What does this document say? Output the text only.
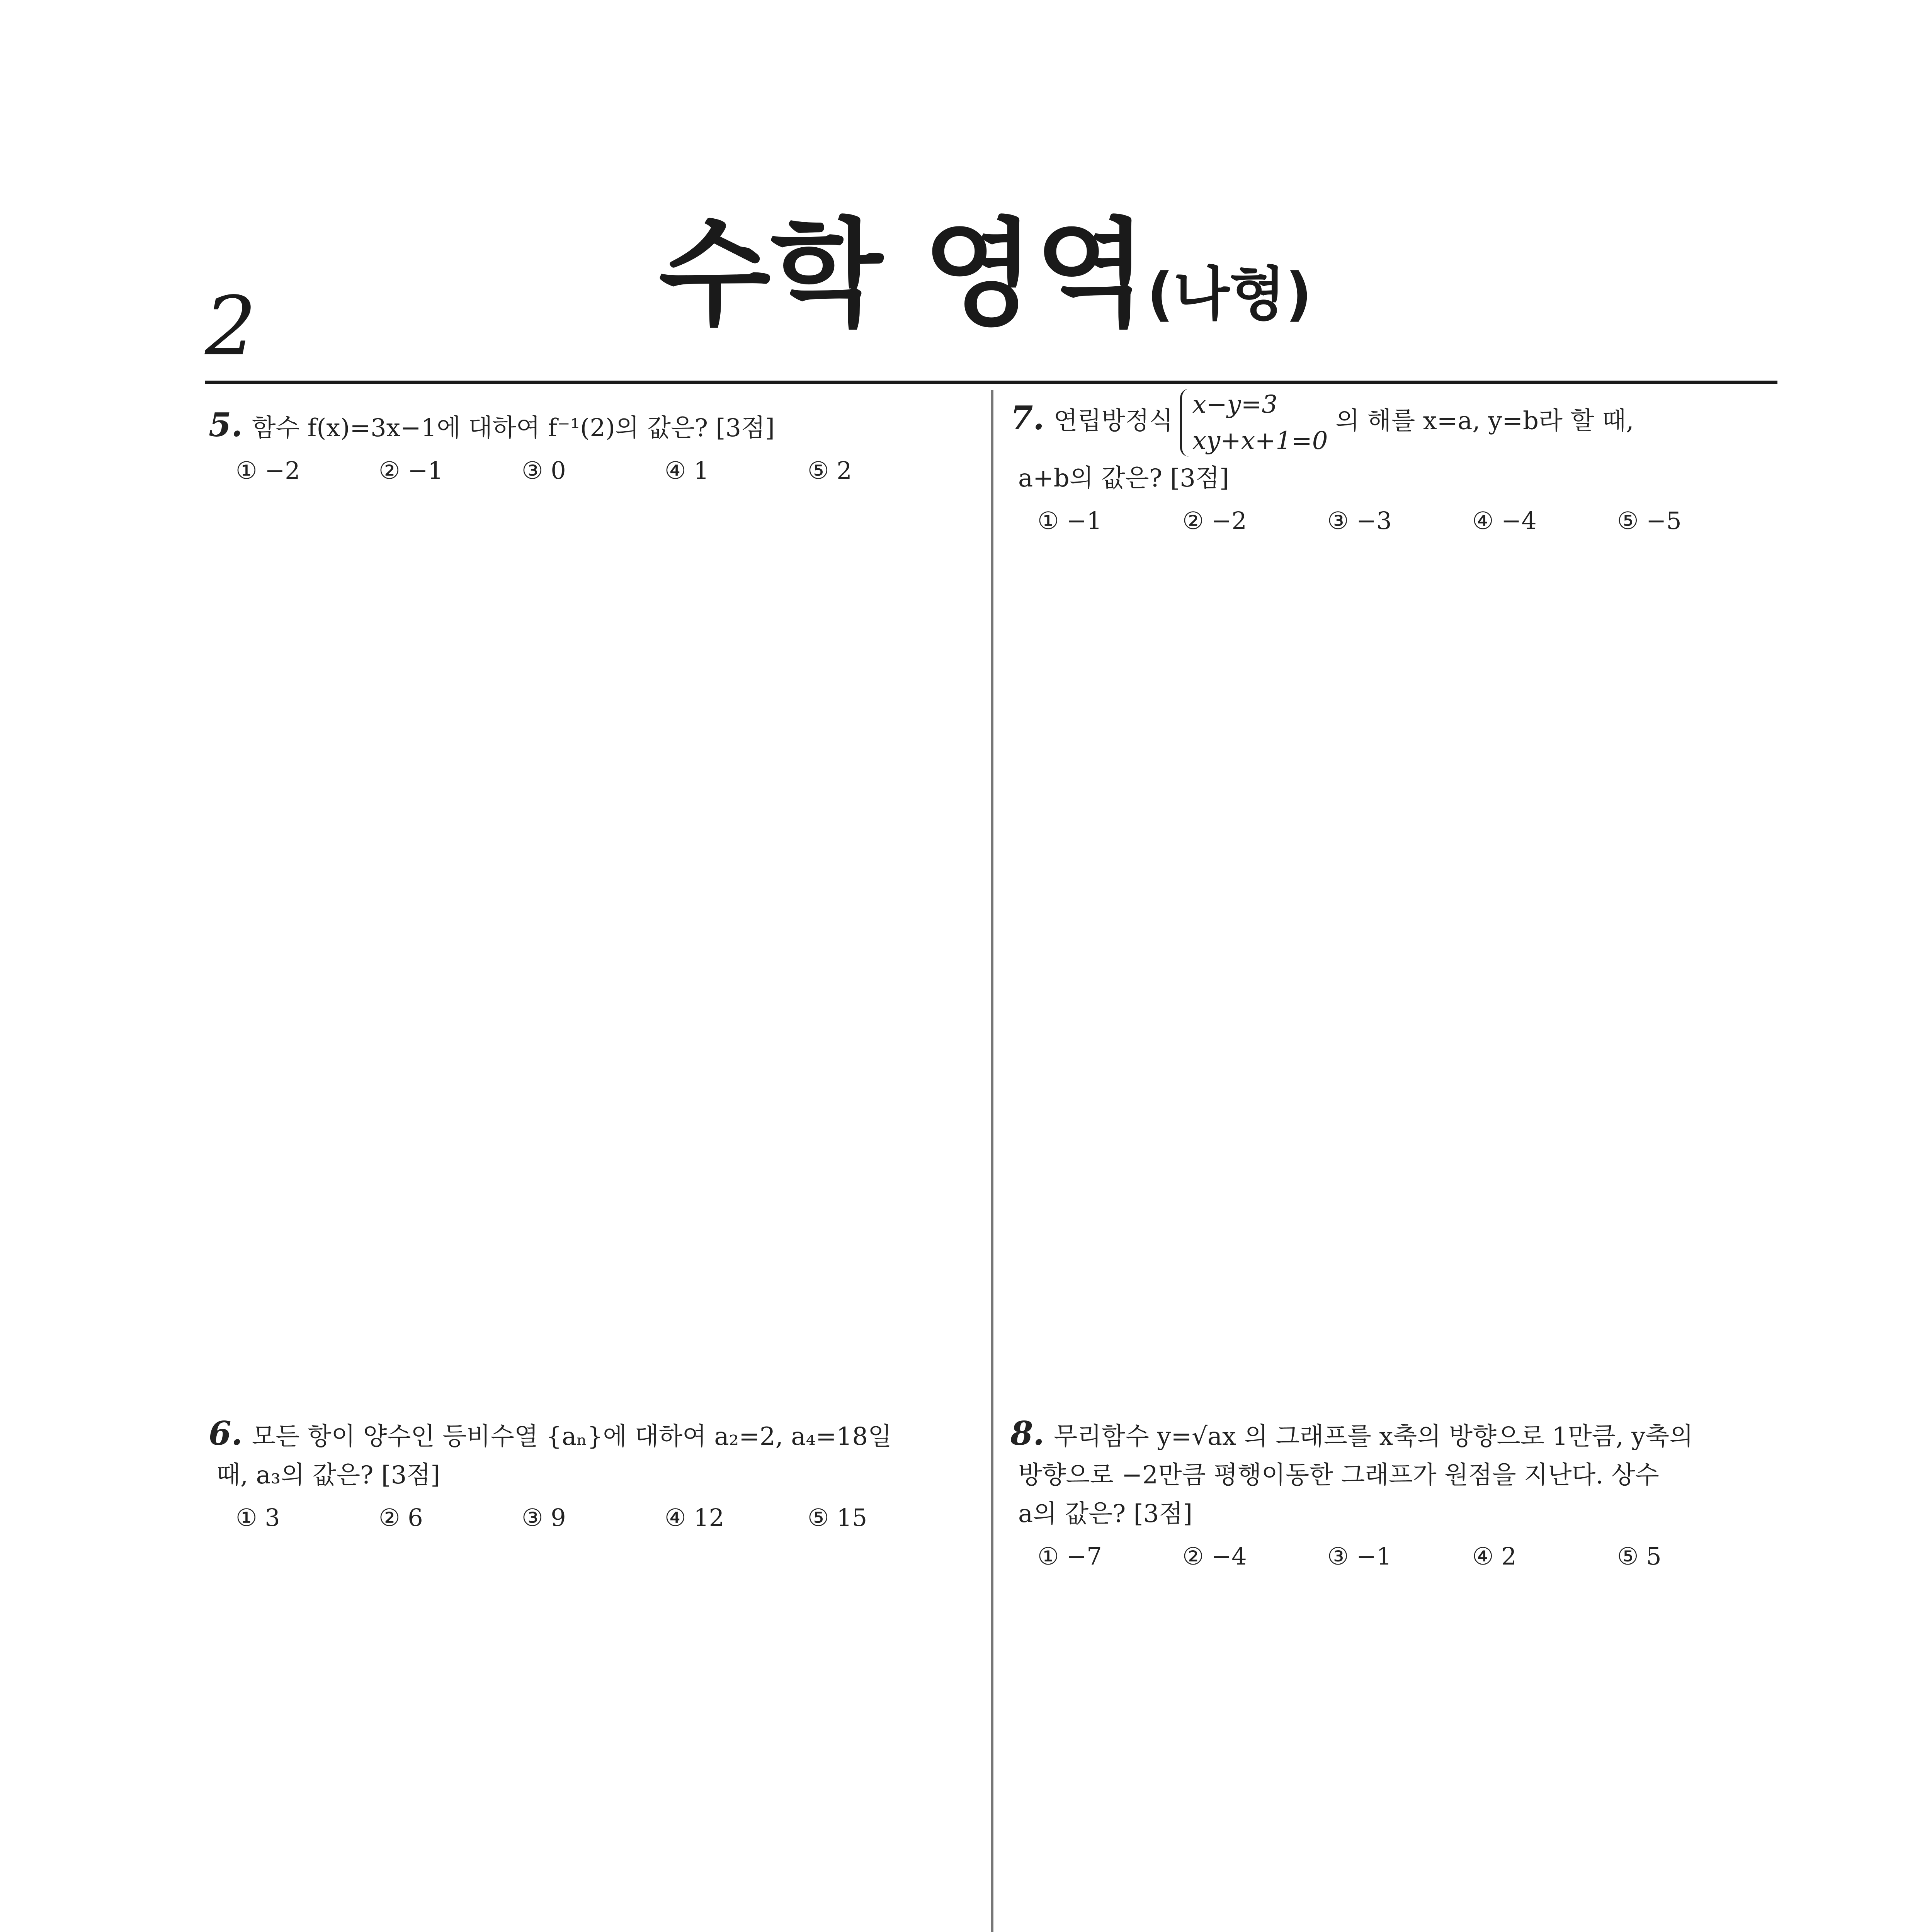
2	수학 영역(나형)
5. 함수 f(x)=3x−1에 대하여 f⁻¹(2)의 값은? [3점]
① −2	② −1	③ 0	④ 1	⑤ 2
6. 모든 항이 양수인 등비수열 {aₙ}에 대하여 a₂=2, a₄=18일
때, a₃의 값은? [3점]
① 3	② 6	③ 9	④ 12	⑤ 15
7. 연립방정식
x−y=3
xy+x+1=0
의 해를 x=a, y=b라 할 때,
a+b의 값은? [3점]
① −1	② −2	③ −3	④ −4	⑤ −5
8. 무리함수 y=√ax 의 그래프를 x축의 방향으로 1만큼, y축의
방향으로 −2만큼 평행이동한 그래프가 원점을 지난다. 상수
a의 값은? [3점]
① −7	② −4	③ −1	④ 2	⑤ 5
